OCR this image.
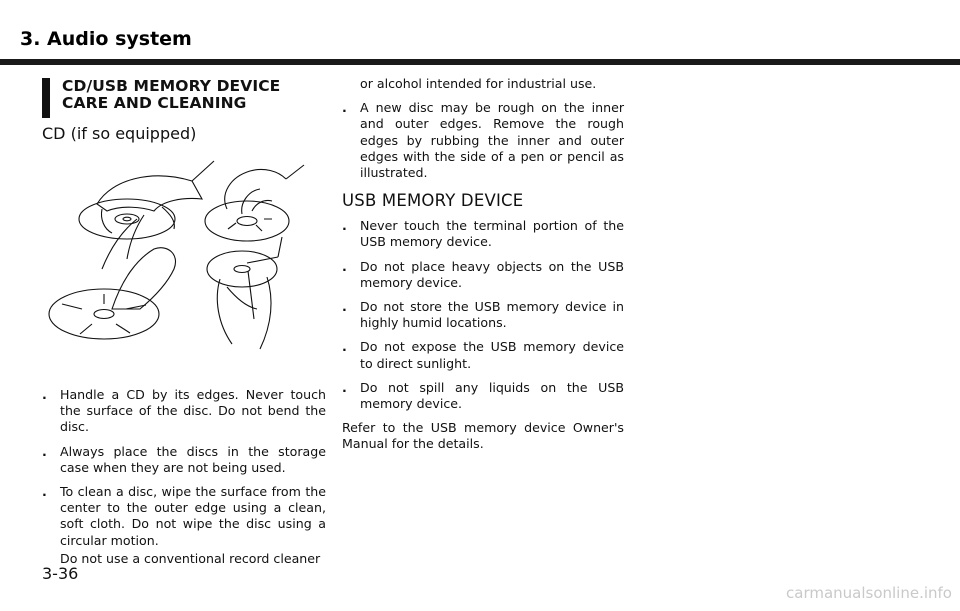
3. Audio system
CD/USB MEMORY DEVICE
CARE AND CLEANING
CD (if so equipped)
. Handle a CD by its edges. Never touch the surface of the disc. Do not bend the disc.
. Always place the discs in the storage case when they are not being used.
. To clean a disc, wipe the surface from the center to the outer edge using a clean, soft cloth. Do not wipe the disc using a circular motion.
Do not use a conventional record cleaner
or alcohol intended for industrial use.
. A new disc may be rough on the inner and outer edges. Remove the rough edges by rubbing the inner and outer edges with the side of a pen or pencil as illustrated.
USB MEMORY DEVICE
. Never touch the terminal portion of the USB memory device.
. Do not place heavy objects on the USB memory device.
. Do not store the USB memory device in highly humid locations.
. Do not expose the USB memory device to direct sunlight.
. Do not spill any liquids on the USB memory device.
Refer to the USB memory device Owner's Manual for the details.
3-36
carmanualsonline.info
